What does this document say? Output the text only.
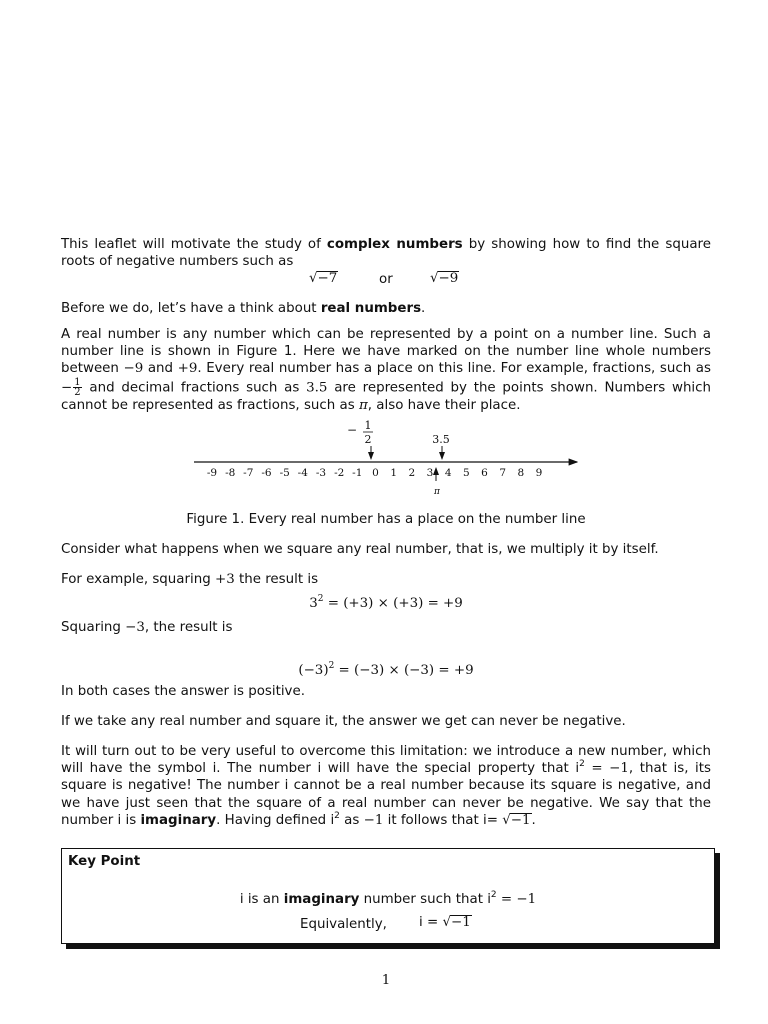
This leaflet will motivate the study of complex numbers by showing how to find the square roots of negative numbers such as
√−7	or	√−9
Before we do, let’s have a think about real numbers.
A real number is any number which can be represented by a point on a number line. Such a number line is shown in Figure 1. Here we have marked on the number line whole numbers between −9 and +9. Every real number has a place on this line. For example, fractions, such as − $\frac{1}{2}$ and decimal fractions such as 3.5 are represented by the points shown. Numbers which cannot be represented as fractions, such as π, also have their place.
-9 -8 -7 -6 -5 -4 -3 -2 -1 0 1 2 3 4 5 6 7 8 9
− 1
2	3.5
π
Figure 1. Every real number has a place on the number line
Consider what happens when we square any real number, that is, we multiply it by itself.
For example, squaring +3 the result is
$3^2 = (+3) \times (+3) = +9$
Squaring −3, the result is
$(-3)^2 = (-3) \times (-3) = +9$
In both cases the answer is positive.
If we take any real number and square it, the answer we get can never be negative.
It will turn out to be very useful to overcome this limitation: we introduce a new number, which will have the symbol i. The number i will have the special property that $i^2 = -1$, that is, its square is negative! The number i cannot be a real number because its square is negative, and we have just seen that the square of a real number can never be negative. We say that the number i is imaginary. Having defined $i^2$ as −1 it follows that i= √−1.
Key Point
i is an imaginary number such that $i^2 = -1$
Equivalently, i = √−1
1
